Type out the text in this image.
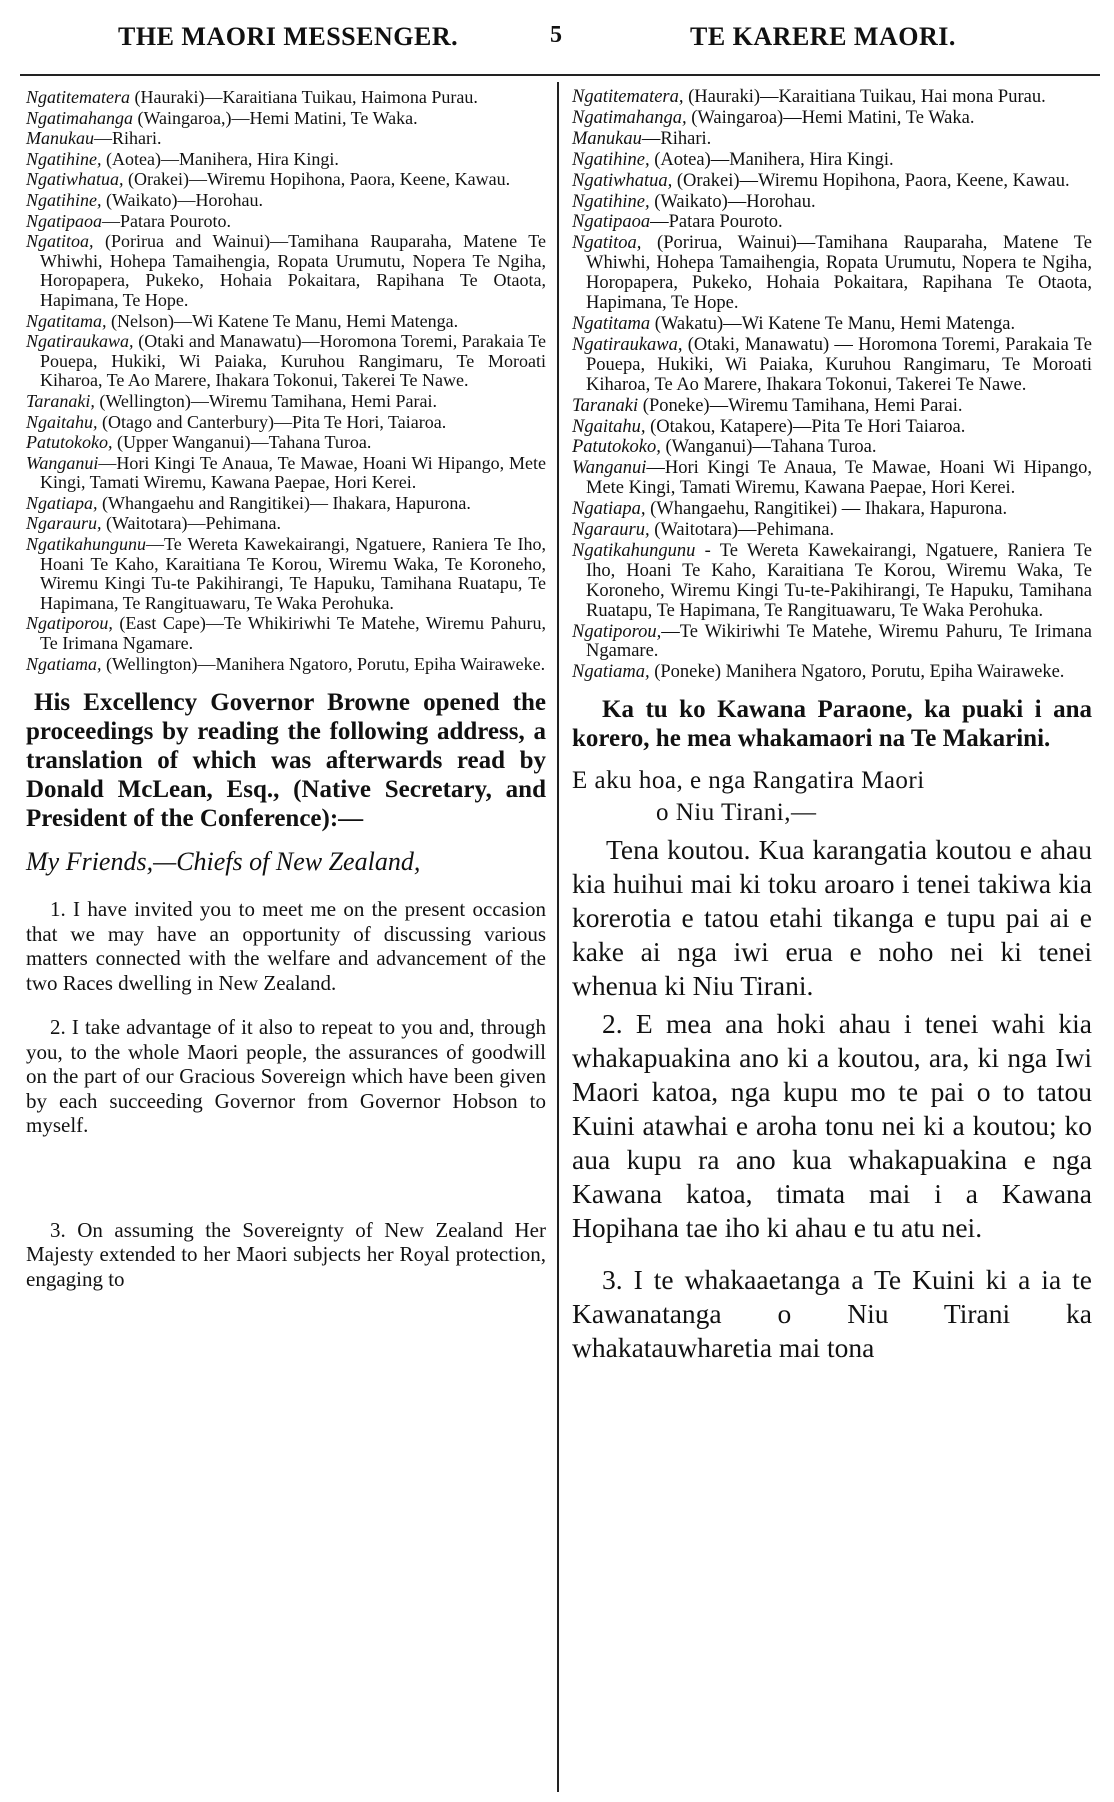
THE MAORI MESSENGER.	5	TE KARERE MAORI.
Ngatitematera (Hauraki)—Karaitiana Tuikau, Haimona Purau.
Ngatimahanga (Waingaroa,)—Hemi Matini, Te Waka.
Manukau—Rihari.
Ngatihine, (Aotea)—Manihera, Hira Kingi.
Ngatiwhatua, (Orakei)—Wiremu Hopihona, Paora, Keene, Kawau.
Ngatihine, (Waikato)—Horohau.
Ngatipaoa—Patara Pouroto.
Ngatitoa, (Porirua and Wainui)—Tamihana Rauparaha, Matene Te Whiwhi, Hohepa Tamaihengia, Ropata Urumutu, Nopera Te Ngiha, Horopapera, Pukeko, Hohaia Pokaitara, Rapihana Te Otaota, Hapimana, Te Hope.
Ngatitama, (Nelson)—Wi Katene Te Manu, Hemi Matenga.
Ngatiraukawa, (Otaki and Manawatu)—Horomona Toremi, Parakaia Te Pouepa, Hukiki, Wi Paiaka, Kuruhou Rangimaru, Te Moroati Kiharoa, Te Ao Marere, Ihakara Tokonui, Takerei Te Nawe.
Taranaki, (Wellington)—Wiremu Tamihana, Hemi Parai.
Ngaitahu, (Otago and Canterbury)—Pita Te Hori, Taiaroa.
Patutokoko, (Upper Wanganui)—Tahana Turoa.
Wanganui—Hori Kingi Te Anaua, Te Mawae, Hoani Wi Hipango, Mete Kingi, Tamati Wiremu, Kawana Paepae, Hori Kerei.
Ngatiapa, (Whangaehu and Rangitikei)— Ihakara, Hapurona.
Ngarauru, (Waitotara)—Pehimana.
Ngatikahungunu—Te Wereta Kawekairangi, Ngatuere, Raniera Te Iho, Hoani Te Kaho, Karaitiana Te Korou, Wiremu Waka, Te Koroneho, Wiremu Kingi Tu-te Pakihirangi, Te Hapuku, Tamihana Ruatapu, Te Hapimana, Te Rangituawaru, Te Waka Perohuka.
Ngatiporou, (East Cape)—Te Whikiriwhi Te Matehe, Wiremu Pahuru, Te Irimana Ngamare.
Ngatiama, (Wellington)—Manihera Ngatoro, Porutu, Epiha Wairaweke.
His Excellency Governor Browne opened the proceedings by reading the following address, a translation of which was afterwards read by Donald McLean, Esq., (Native Secretary, and President of the Conference):—
My Friends,—Chiefs of New Zealand,
1. I have invited you to meet me on the present occasion that we may have an opportunity of discussing various matters connected with the welfare and advancement of the two Races dwelling in New Zealand.
2. I take advantage of it also to repeat to you and, through you, to the whole Maori people, the assurances of goodwill on the part of our Gracious Sovereign which have been given by each succeeding Governor from Governor Hobson to myself.
3. On assuming the Sovereignty of New Zealand Her Majesty extended to her Maori subjects her Royal protection, engaging to
Ngatitematera, (Hauraki)—Karaitiana Tuikau, Hai mona Purau.
Ngatimahanga, (Waingaroa)—Hemi Matini, Te Waka.
Manukau—Rihari.
Ngatihine, (Aotea)—Manihera, Hira Kingi.
Ngatiwhatua, (Orakei)—Wiremu Hopihona, Paora, Keene, Kawau.
Ngatihine, (Waikato)—Horohau.
Ngatipaoa—Patara Pouroto.
Ngatitoa, (Porirua, Wainui)—Tamihana Rauparaha, Matene Te Whiwhi, Hohepa Tamaihengia, Ropata Urumutu, Nopera te Ngiha, Horopapera, Pukeko, Hohaia Pokaitara, Rapihana Te Otaota, Hapimana, Te Hope.
Ngatitama (Wakatu)—Wi Katene Te Manu, Hemi Matenga.
Ngatiraukawa, (Otaki, Manawatu) — Horomona Toremi, Parakaia Te Pouepa, Hukiki, Wi Paiaka, Kuruhou Rangimaru, Te Moroati Kiharoa, Te Ao Marere, Ihakara Tokonui, Takerei Te Nawe.
Taranaki (Poneke)—Wiremu Tamihana, Hemi Parai.
Ngaitahu, (Otakou, Katapere)—Pita Te Hori Taiaroa.
Patutokoko, (Wanganui)—Tahana Turoa.
Wanganui—Hori Kingi Te Anaua, Te Mawae, Hoani Wi Hipango, Mete Kingi, Tamati Wiremu, Kawana Paepae, Hori Kerei.
Ngatiapa, (Whangaehu, Rangitikei) — Ihakara, Hapurona.
Ngarauru, (Waitotara)—Pehimana.
Ngatikahungunu - Te Wereta Kawekairangi, Ngatuere, Raniera Te Iho, Hoani Te Kaho, Karaitiana Te Korou, Wiremu Waka, Te Koroneho, Wiremu Kingi Tu-te-Pakihirangi, Te Hapuku, Tamihana Ruatapu, Te Hapimana, Te Rangituawaru, Te Waka Perohuka.
Ngatiporou,—Te Wikiriwhi Te Matehe, Wiremu Pahuru, Te Irimana Ngamare.
Ngatiama, (Poneke) Manihera Ngatoro, Porutu, Epiha Wairaweke.
Ka tu ko Kawana Paraone, ka puaki i ana korero, he mea whakamaori na Te Makarini.
E aku hoa, e nga Rangatira Maori
o Niu Tirani,—
Tena koutou. Kua karangatia koutou e ahau kia huihui mai ki toku aroaro i tenei takiwa kia korerotia e tatou etahi tikanga e tupu pai ai e kake ai nga iwi erua e noho nei ki tenei whenua ki Niu Tirani.
2. E mea ana hoki ahau i tenei wahi kia whakapuakina ano ki a koutou, ara, ki nga Iwi Maori katoa, nga kupu mo te pai o to tatou Kuini atawhai e aroha tonu nei ki a koutou; ko aua kupu ra ano kua whakapuakina e nga Kawana katoa, timata mai i a Kawana Hopihana tae iho ki ahau e tu atu nei.
3. I te whakaaetanga a Te Kuini ki a ia te Kawanatanga o Niu Tirani ka whakatauwharetia mai tona
